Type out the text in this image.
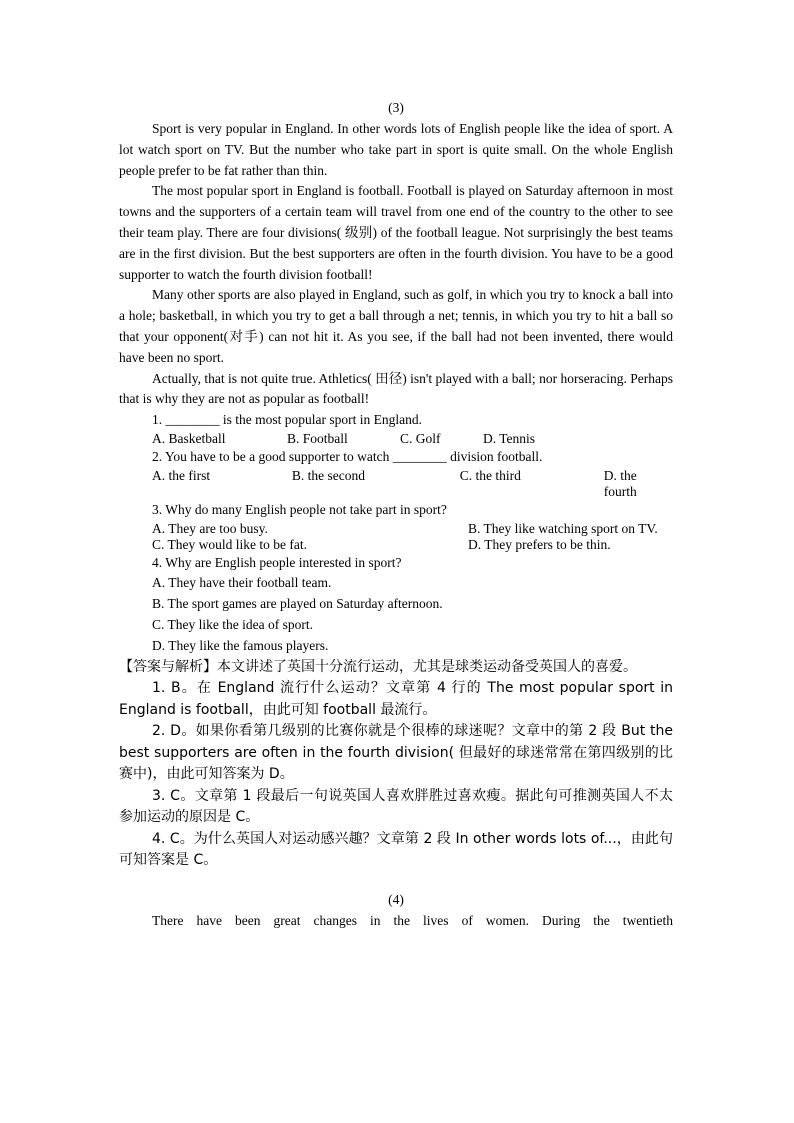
(3)

Sport is very popular in England. In other words lots of English people like the idea of sport. A lot watch sport on TV. But the number who take part in sport is quite small. On the whole English people prefer to be fat rather than thin.

The most popular sport in England is football. Football is played on Saturday afternoon in most towns and the supporters of a certain team will travel from one end of the country to the other to see their team play. There are four divisions( 级别) of the football league. Not surprisingly the best teams are in the first division. But the best supporters are often in the fourth division. You have to be a good supporter to watch the fourth division football!

Many other sports are also played in England, such as golf, in which you try to knock a ball into a hole; basketball, in which you try to get a ball through a net; tennis, in which you try to hit a ball so that your opponent(对手) can not hit it. As you see, if the ball had not been invented, there would have been no sport.

Actually, that is not quite true. Athletics( 田径) isn't played with a ball; nor horseracing. Perhaps that is why they are not as popular as football!

1. ________ is the most popular sport in England.

A. Basketball	B. Football	C. Golf	D. Tennis

2. You have to be a good supporter to watch ________ division football.

A. the first	B. the second	C. the third	D. the fourth

3. Why do many English people not take part in sport?

A. They are too busy.	B. They like watching sport on TV.
C. They would like to be fat.	D. They prefers to be thin.

4. Why are English people interested in sport?

A. They have their football team.

B. The sport games are played on Saturday afternoon.

C. They like the idea of sport.

D. They like the famous players.

【答案与解析】本文讲述了英国十分流行运动，尤其是球类运动备受英国人的喜爱。

1. B。在 England 流行什么运动？文章第 4 行的 The most popular sport in England is football，由此可知 football 最流行。

2. D。如果你看第几级别的比赛你就是个很棒的球迷呢？文章中的第 2 段 But the best supporters are often in the fourth division( 但最好的球迷常常在第四级别的比赛中)，由此可知答案为 D。

3. C。文章第 1 段最后一句说英国人喜欢胖胜过喜欢瘦。据此句可推测英国人不太参加运动的原因是 C。

4. C。为什么英国人对运动感兴趣？文章第 2 段 In other words lots of...，由此句可知答案是 C。

(4)

There have been great changes in the lives of women. During the twentieth
